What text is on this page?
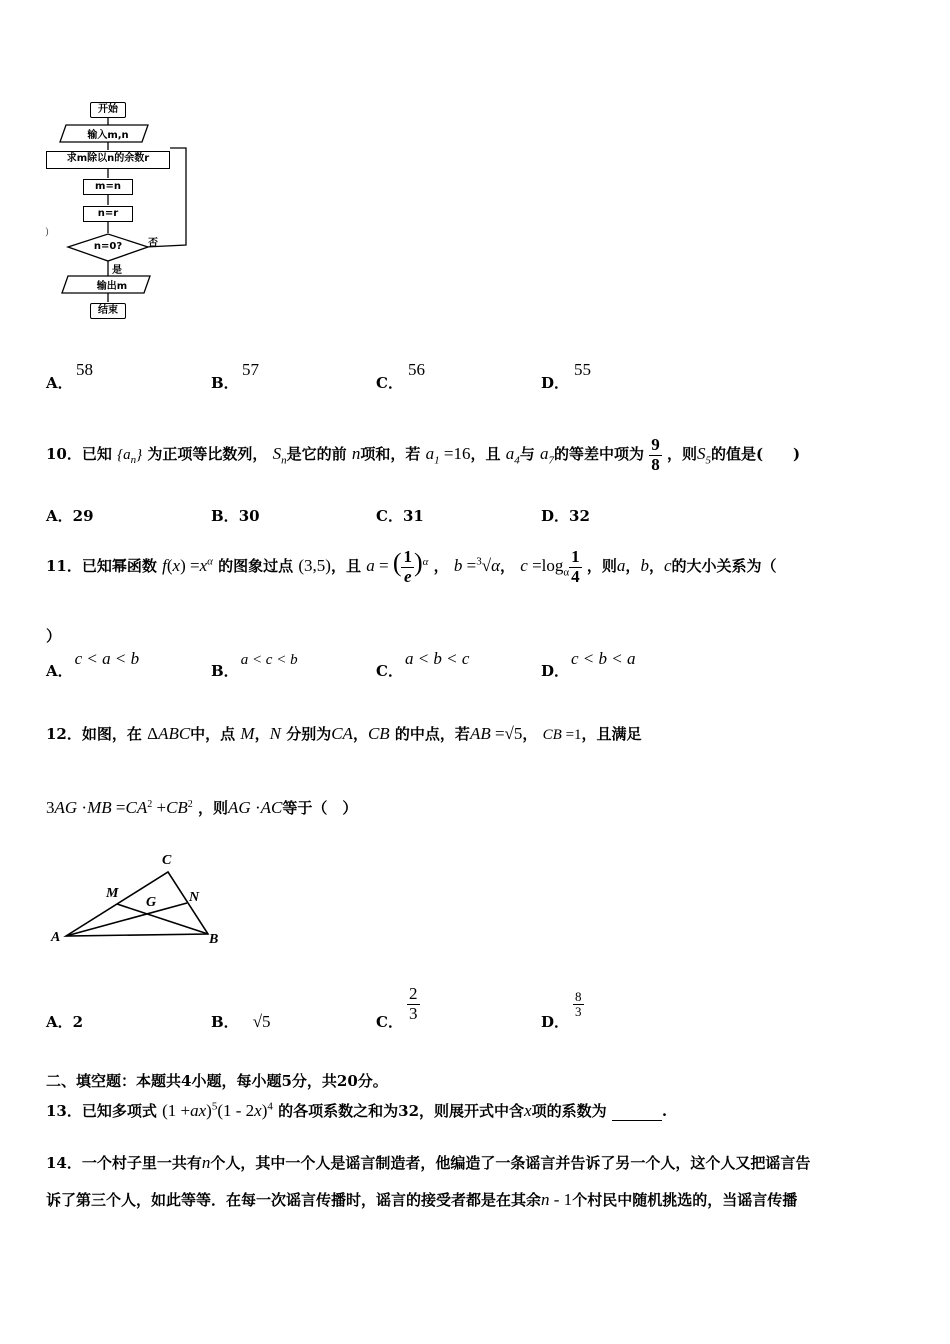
开始
输入m,n
求m除以n的余数r
m=n
n=r
n=0?	否
是
输出m
结束
)
A．
58
B．
57
C．
56
D．
55
10．已知 $\{a_n\}$ 为正项等比数列， $S_n$是它的前 n项和，若 $a_1 =16$，且 $a_4$与 $a_7$的等差中项为 $\frac{9}{8}$ ，则$S_5$的值是(　　)
A．29	B．30	C．31	D．32
11．已知幂函数 $f(x) =x^\alpha$ 的图象过点 (3,5)，且 a = ( $\frac{1}{e} )^\alpha$ ， b =$^3$√α， $c =\log_\alpha \frac{1}{4}$ ，则a，b，c的大小关系为（
）
A．c < a < b
B．a < c < b
C．a < b < c
D．c < b < a
12．如图，在 ΔABC中，点 M，N 分别为CA，CB 的中点，若AB =√5， CB =1，且满足
$3AG \cdot MB =CA^2 +CB^2$ ，则AG ·AC等于（　）
C
M
G N
A	B
A．2	B． √5	C． $\frac{2}{3}$	D．
$\frac{8}{3}$
二、填空题：本题共4小题，每小题5分，共20分。
13．已知多项式 $(1 +ax)^5(1 - 2x)^4$ 的各项系数之和为32，则展开式中含x项的系数为	.
14．一个村子里一共有n个人，其中一个人是谣言制造者，他编造了一条谣言并告诉了另一个人，这个人又把谣言告
诉了第三个人，如此等等．在每一次谣言传播时，谣言的接受者都是在其余n - 1个村民中随机挑选的，当谣言传播
